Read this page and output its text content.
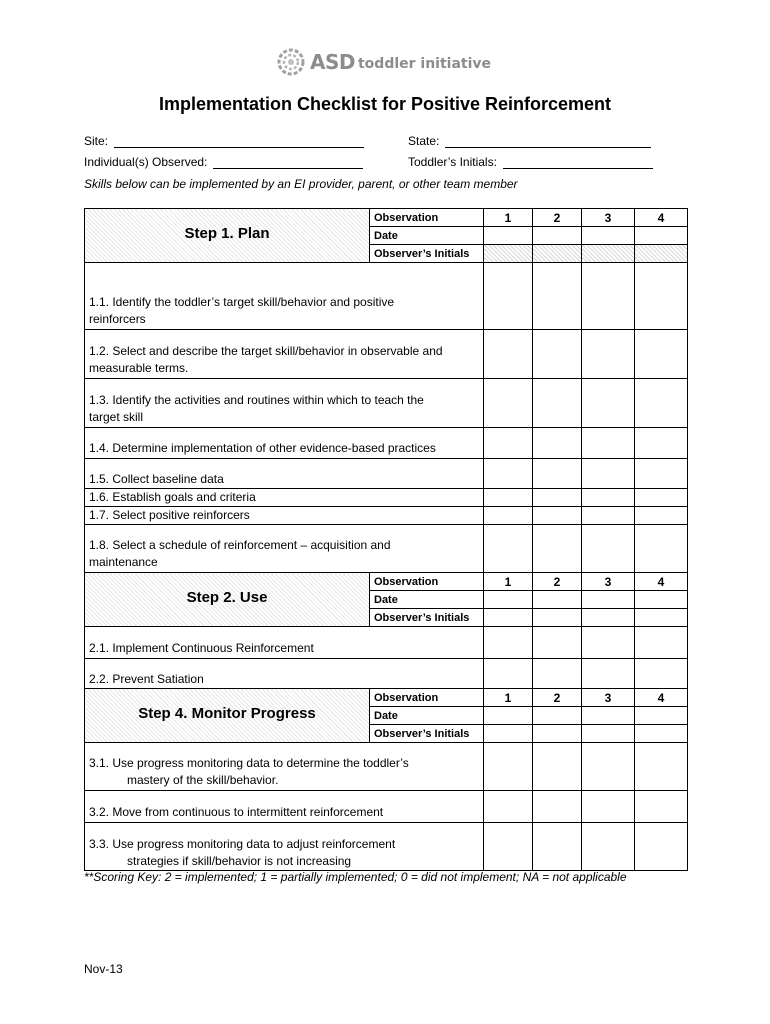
ASD toddler initiative
Implementation Checklist for Positive Reinforcement
Site:	State:
Individual(s) Observed:	Toddler’s Initials:
Skills below can be implemented by an EI provider, parent, or other team member
Step 1. Plan	Observation	1	2	3	4
	Date				
	Observer’s Initials				

1.1. Identify the toddler’s target skill/behavior and positive
reinforcers					

1.2. Select and describe the target skill/behavior in observable and
measurable terms.					

1.3. Identify the activities and routines within which to teach the
target skill					

1.4. Determine implementation of other evidence-based practices					

1.5. Collect baseline data					

1.6. Establish goals and criteria					

1.7. Select positive reinforcers					

1.8. Select a schedule of reinforcement – acquisition and
maintenance					

Step 2. Use	Observation	1	2	3	4
	Date				
	Observer’s Initials				

2.1. Implement Continuous Reinforcement					

2.2. Prevent Satiation					

Step 4. Monitor Progress	Observation	1	2	3	4
	Date				
	Observer’s Initials				

3.1. Use progress monitoring data to determine the toddler’s
mastery of the skill/behavior.					

3.2. Move from continuous to intermittent reinforcement					

3.3. Use progress monitoring data to adjust reinforcement
strategies if skill/behavior is not increasing					

**Scoring Key: 2 = implemented; 1 = partially implemented; 0 = did not implement; NA = not applicable
Nov-13
